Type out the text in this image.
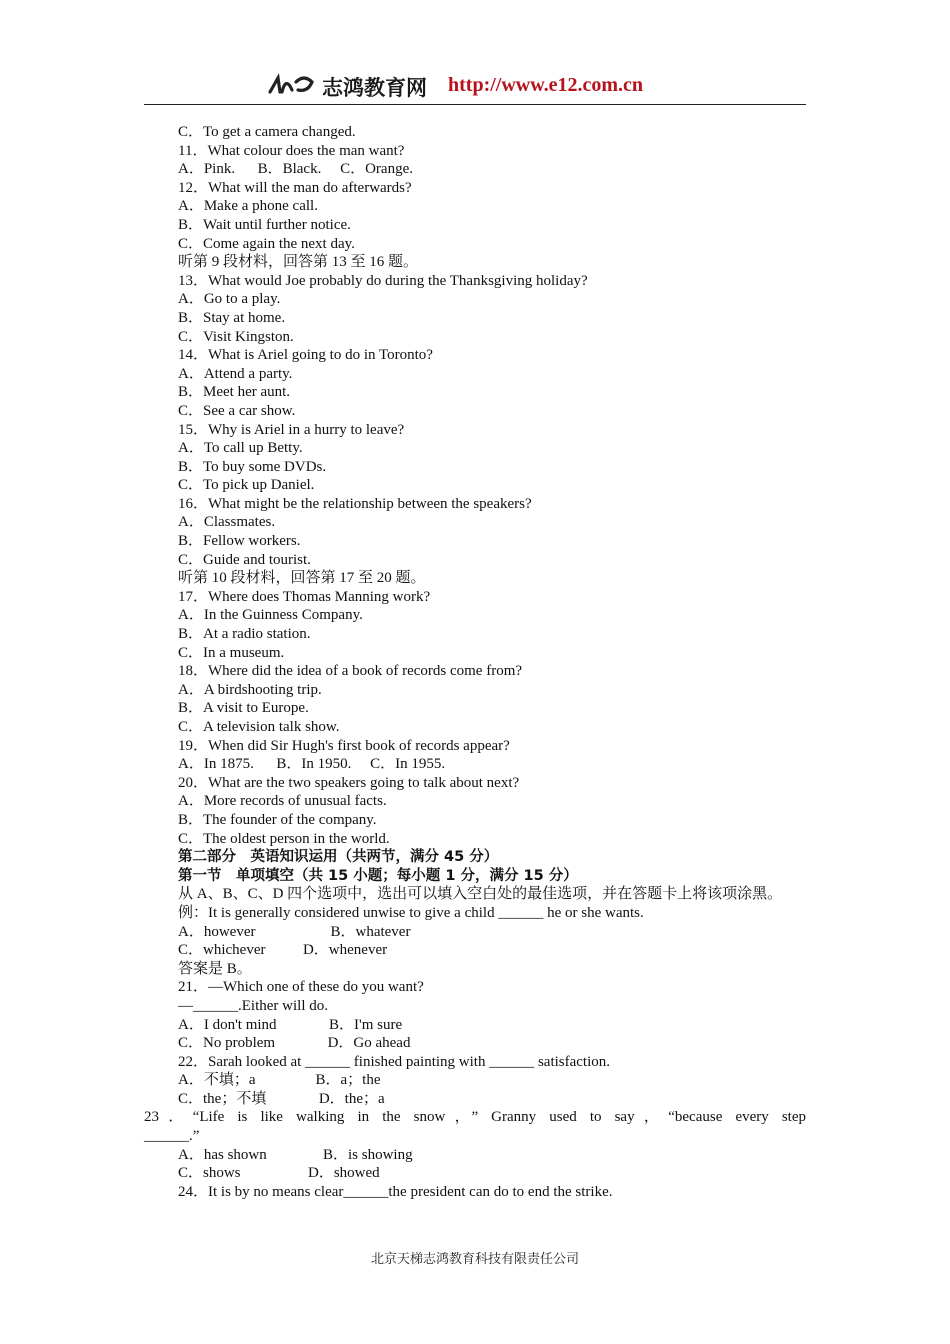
志鸿教育网 http://www.e12.com.cn
C．To get a camera changed.
11．What colour does the man want?
A．Pink.      B．Black.     C．Orange.
12．What will the man do afterwards?
A．Make a phone call.
B．Wait until further notice.
C．Come again the next day.
听第 9 段材料，回答第 13 至 16 题。
13．What would Joe probably do during the Thanksgiving holiday?
A．Go to a play.
B．Stay at home.
C．Visit Kingston.
14．What is Ariel going to do in Toronto?
A．Attend a party.
B．Meet her aunt.
C．See a car show.
15．Why is Ariel in a hurry to leave?
A．To call up Betty.
B．To buy some DVDs.
C．To pick up Daniel.
16．What might be the relationship between the speakers?
A．Classmates.
B．Fellow workers.
C．Guide and tourist.
听第 10 段材料，回答第 17 至 20 题。
17．Where does Thomas Manning work?
A．In the Guinness Company.
B．At a radio station.
C．In a museum.
18．Where did the idea of a book of records come from?
A．A birdshooting trip.
B．A visit to Europe.
C．A television talk show.
19．When did Sir Hugh's first book of records appear?
A．In 1875.      B．In 1950.     C．In 1955.
20．What are the two speakers going to talk about next?
A．More records of unusual facts.
B．The founder of the company.
C．The oldest person in the world.
第二部分　英语知识运用（共两节，满分 45 分）
第一节　单项填空（共 15 小题；每小题 1 分，满分 15 分）
从 A、B、C、D 四个选项中，选出可以填入空白处的最佳选项，并在答题卡上将该项涂黑。
例：It is generally considered unwise to give a child ______ he or she wants.
A．however                    B．whatever
C．whichever          D．whenever
答案是 B。
21．—Which one of these do you want?
—______.Either will do.
A．I don't mind              B．I'm sure
C．No problem              D．Go ahead
22．Sarah looked at ______ finished painting with ______ satisfaction.
A．不填；a                B．a；the
C．the；不填              D．the；a
23．“Life is like walking in the snow，” Granny used to say，“because every step
______.”
A．has shown               B．is showing
C．shows                  D．showed
24．It is by no means clear______the president can do to end the strike.
北京天梯志鸿教育科技有限责任公司
